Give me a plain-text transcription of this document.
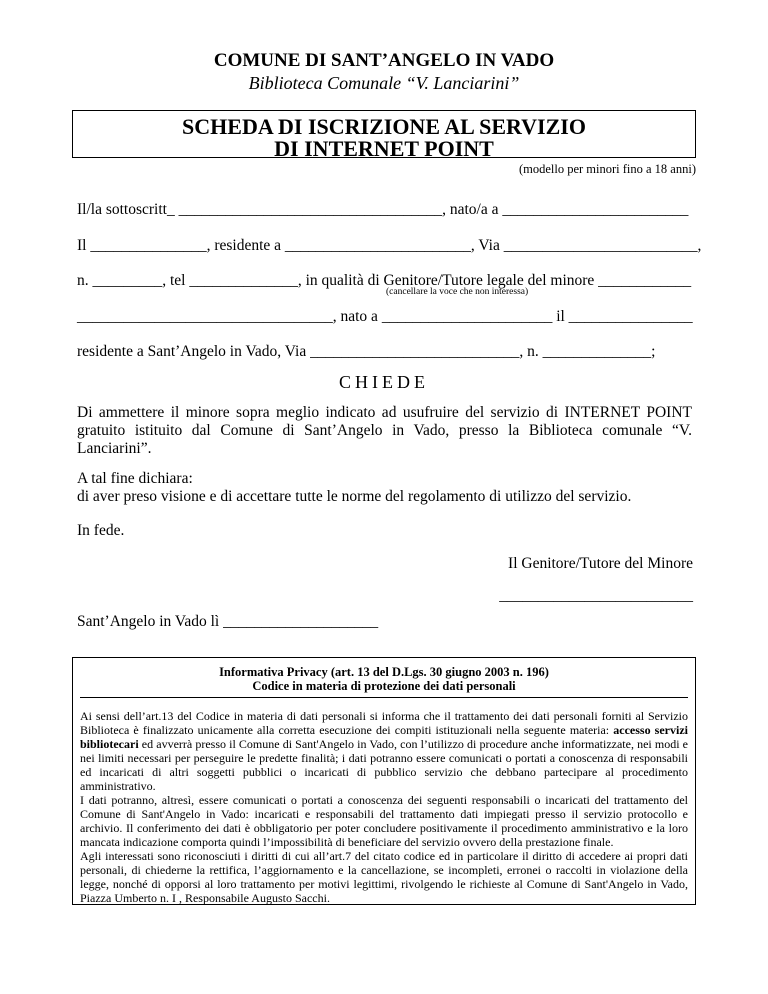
COMUNE DI SANT’ANGELO IN VADO
Biblioteca Comunale “V. Lanciarini”
SCHEDA DI ISCRIZIONE AL SERVIZIO
DI INTERNET POINT
(modello per minori fino a 18 anni)
Il/la sottoscritt_ __________________________________, nato/a a ________________________
Il _______________, residente a ________________________, Via _________________________,
n. _________, tel ______________, in qualità di Genitore/Tutore legale del minore ____________
(cancellare la voce che non interessa)
_________________________________, nato a ______________________ il ________________
residente a Sant’Angelo in Vado, Via ___________________________, n. ______________;
CHIEDE
Di ammettere il minore sopra meglio indicato ad usufruire del servizio di INTERNET POINT gratuito istituito dal Comune di Sant’Angelo in Vado, presso la Biblioteca comunale “V. Lanciarini”.
A tal fine dichiara:
di aver preso visione e di accettare tutte le norme del regolamento di utilizzo del servizio.
In fede.
Il Genitore/Tutore del Minore
_________________________
Sant’Angelo in Vado lì ____________________
Informativa Privacy (art. 13 del D.Lgs. 30 giugno 2003 n. 196)
Codice in materia di protezione dei dati personali

Ai sensi dell’art.13 del Codice in materia di dati personali si informa che il trattamento dei dati personali forniti al Servizio Biblioteca è finalizzato unicamente alla corretta esecuzione dei compiti istituzionali nella seguente materia: accesso servizi bibliotecari ed avverrà presso il Comune di Sant'Angelo in Vado, con l’utilizzo di procedure anche informatizzate, nei modi e nei limiti necessari per perseguire le predette finalità; i dati potranno essere comunicati o portati a conoscenza di responsabili ed incaricati di altri soggetti pubblici o incaricati di pubblico servizio che debbano partecipare al procedimento amministrativo.

I dati potranno, altresì, essere comunicati o portati a conoscenza dei seguenti responsabili o incaricati del trattamento del Comune di Sant'Angelo in Vado: incaricati e responsabili del trattamento dati impiegati presso il servizio protocollo e archivio. Il conferimento dei dati è obbligatorio per poter concludere positivamente il procedimento amministrativo e la loro mancata indicazione comporta quindi l’impossibilità di beneficiare del servizio ovvero della prestazione finale.

Agli interessati sono riconosciuti i diritti di cui all’art.7 del citato codice ed in particolare il diritto di accedere ai propri dati personali, di chiederne la rettifica, l’aggiornamento e la cancellazione, se incompleti, erronei o raccolti in violazione della legge, nonché di opporsi al loro trattamento per motivi legittimi, rivolgendo le richieste al Comune di Sant'Angelo in Vado, Piazza Umberto n. I , Responsabile Augusto Sacchi.
